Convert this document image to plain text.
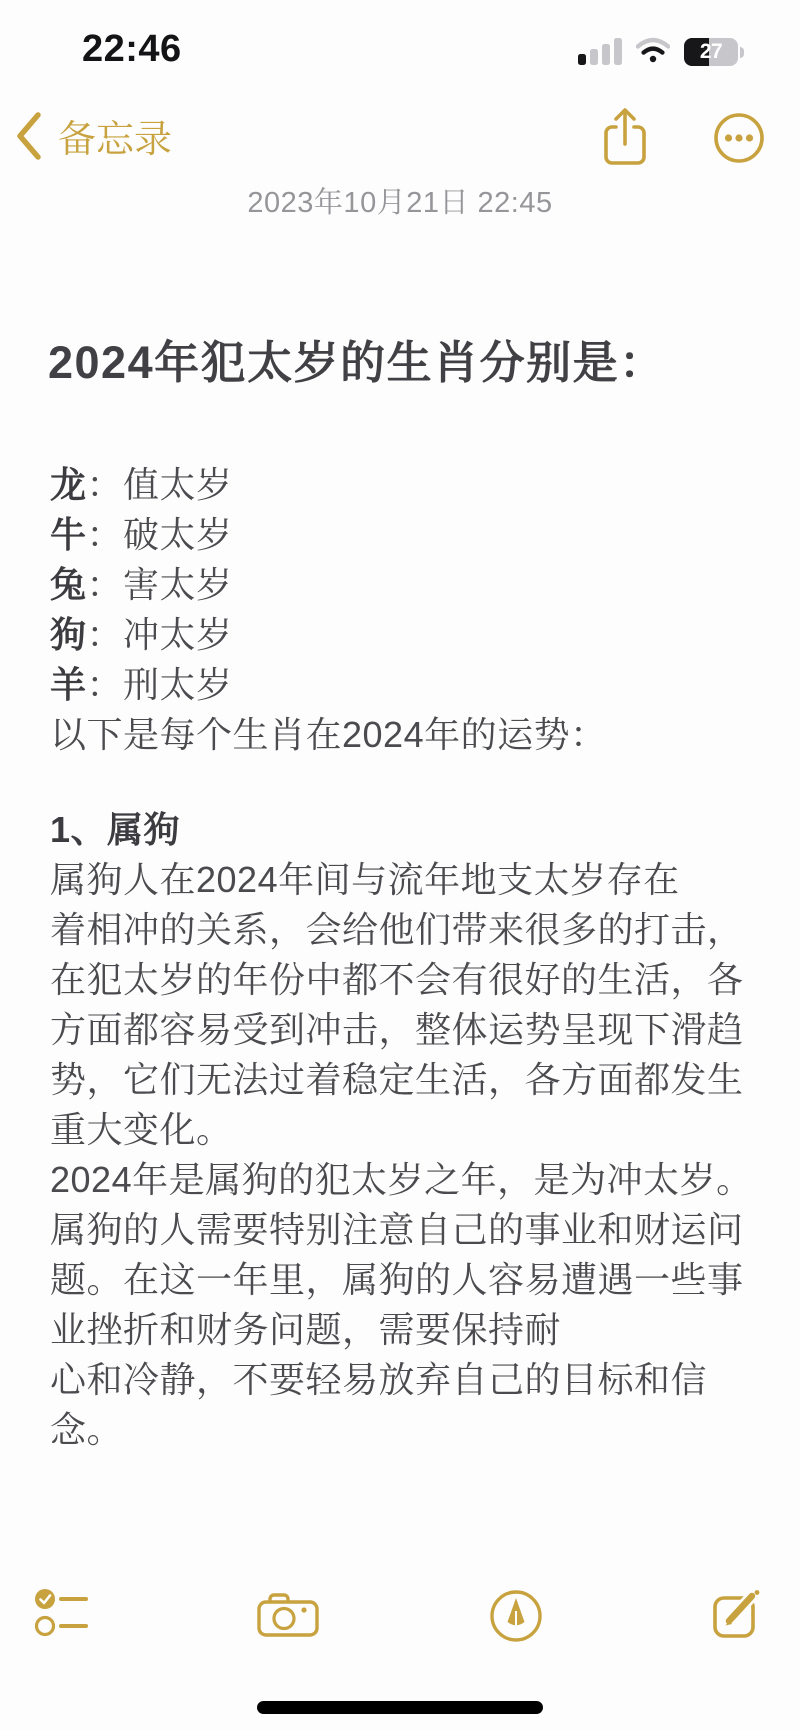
22:46	27
备忘录
2023年10月21日 22:45
2024年犯太岁的生肖分别是：
龙：值太岁
牛：破太岁
兔：害太岁
狗：冲太岁
羊：刑太岁
以下是每个生肖在2024年的运势：
1、属狗
属狗人在2024年间与流年地支太岁存在
着相冲的关系，会给他们带来很多的打击，
在犯太岁的年份中都不会有很好的生活，各
方面都容易受到冲击，整体运势呈现下滑趋
势，它们无法过着稳定生活，各方面都发生
重大变化。
2024年是属狗的犯太岁之年，是为冲太岁。
属狗的人需要特别注意自己的事业和财运问
题。在这一年里，属狗的人容易遭遇一些事
业挫折和财务问题，需要保持耐
心和冷静，不要轻易放弃自己的目标和信
念。
